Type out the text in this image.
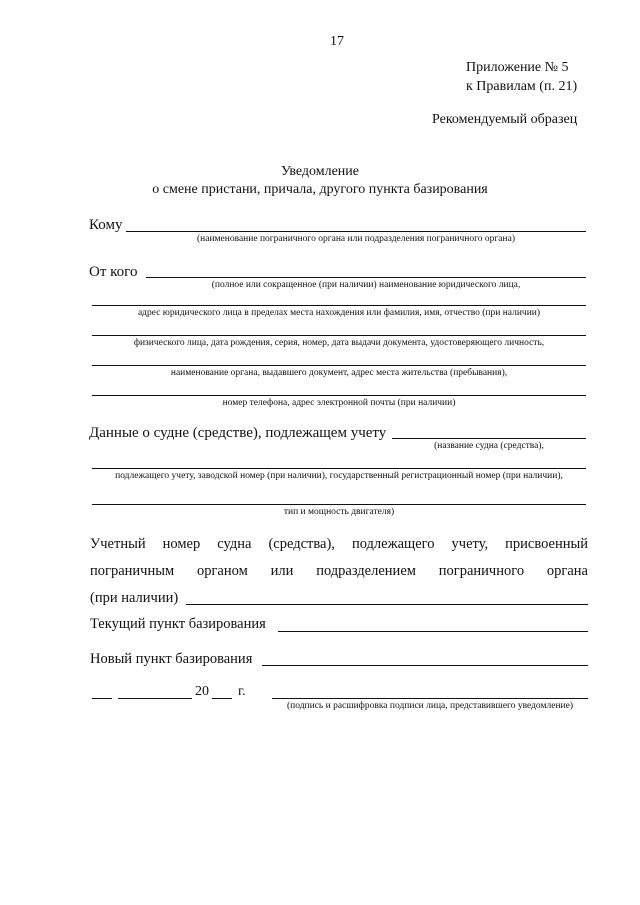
17
Приложение № 5
к Правилам (п. 21)
Рекомендуемый образец
Уведомление
о смене пристани, причала, другого пункта базирования
Кому
(наименование пограничного органа или подразделения пограничного органа)
От кого
(полное или сокращенное (при наличии) наименование юридического лица,
адрес юридического лица в пределах места нахождения или фамилия, имя, отчество (при наличии)
физического лица, дата рождения, серия, номер, дата выдачи документа, удостоверяющего личность,
наименование органа, выдавшего документ, адрес места жительства (пребывания),
номер телефона, адрес электронной почты (при наличии)
Данные о судне (средстве), подлежащем учету
(название судна (средства),
подлежащего учету, заводской номер (при наличии), государственный регистрационный номер (при наличии),
тип и мощность двигателя)
Учетный номер судна (средства), подлежащего учету, присвоенный
пограничным органом или подразделением пограничного органа
(при наличии)
Текущий пункт базирования
Новый пункт базирования
20 г.
(подпись и расшифровка подписи лица, представившего уведомление)
